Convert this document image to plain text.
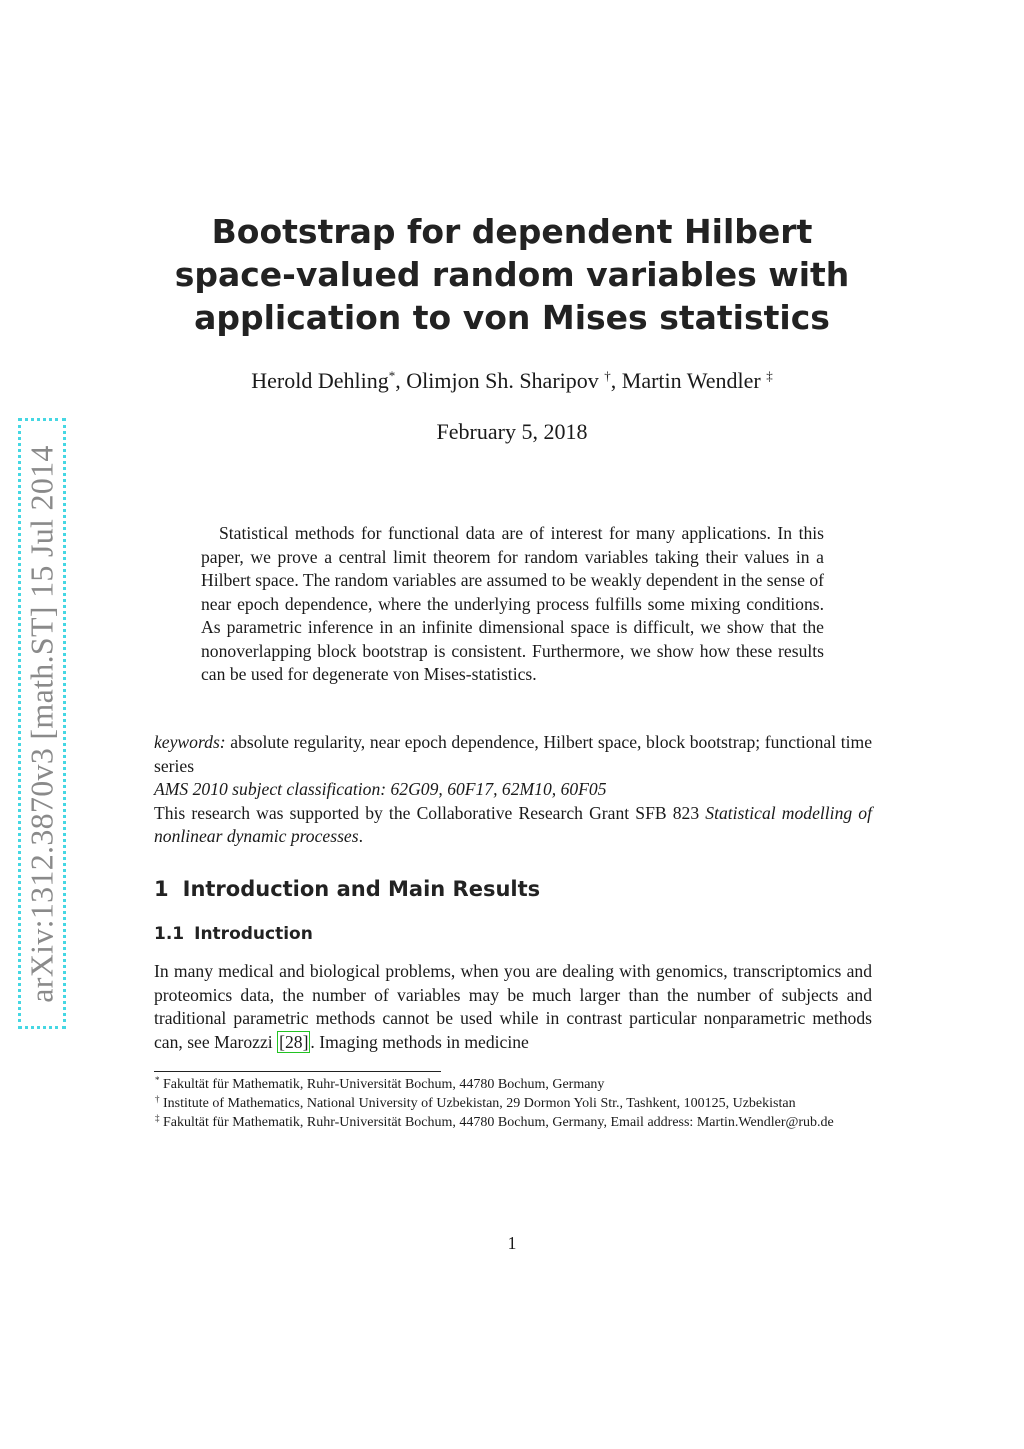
arXiv:1312.3870v3 [math.ST] 15 Jul 2014
Bootstrap for dependent Hilbert
space-valued random variables with
application to von Mises statistics
Herold Dehling*, Olimjon Sh. Sharipov †, Martin Wendler ‡
February 5, 2018
Statistical methods for functional data are of interest for many applications. In this paper, we prove a central limit theorem for random variables taking their values in a Hilbert space. The random variables are assumed to be weakly dependent in the sense of near epoch dependence, where the underlying process fulfills some mixing conditions. As parametric inference in an infinite dimensional space is difficult, we show that the nonoverlapping block bootstrap is consistent. Furthermore, we show how these results can be used for degenerate von Mises-statistics.

keywords: absolute regularity, near epoch dependence, Hilbert space, block bootstrap; functional time series

AMS 2010 subject classification: 62G09, 60F17, 62M10, 60F05

This research was supported by the Collaborative Research Grant SFB 823 Statistical modelling of nonlinear dynamic processes.

1 Introduction and Main Results
1.1 Introduction
In many medical and biological problems, when you are dealing with genomics, transcriptomics and proteomics data, the number of variables may be much larger than the number of subjects and traditional parametric methods cannot be used while in contrast particular nonparametric methods can, see Marozzi [28] . Imaging methods in medicine
* Fakultät für Mathematik, Ruhr-Universität Bochum, 44780 Bochum, Germany
† Institute of Mathematics, National University of Uzbekistan, 29 Dormon Yoli Str., Tashkent, 100125, Uzbekistan
‡ Fakultät für Mathematik, Ruhr-Universität Bochum, 44780 Bochum, Germany, Email address: Martin.Wendler@rub.de
1
